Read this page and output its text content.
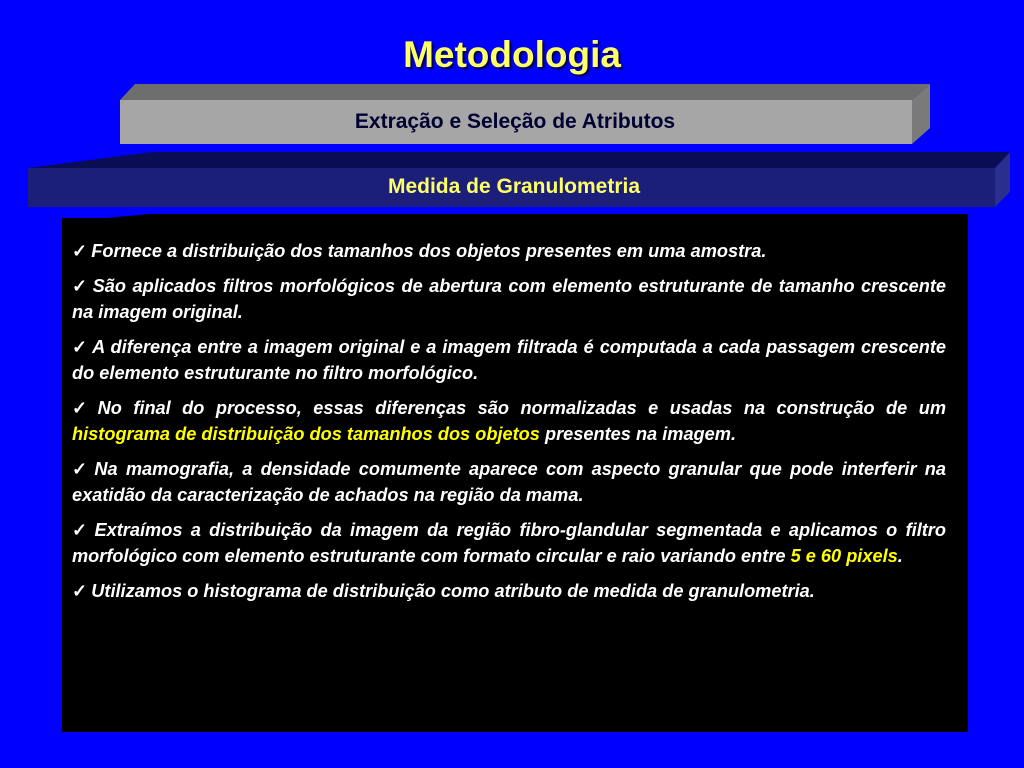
Metodologia
Extração e Seleção de Atributos
Medida de Granulometria
✓ Fornece a distribuição dos tamanhos dos objetos presentes em uma amostra.
✓ São aplicados filtros morfológicos de abertura com elemento estruturante de tamanho crescente na imagem original.
✓ A diferença entre a imagem original e a imagem filtrada é computada a cada passagem crescente do elemento estruturante no filtro morfológico.
✓ No final do processo, essas diferenças são normalizadas e usadas na construção de um histograma de distribuição dos tamanhos dos objetos presentes na imagem.
✓ Na mamografia, a densidade comumente aparece com aspecto granular que pode interferir na exatidão da caracterização de achados na região da mama.
✓ Extraímos a distribuição da imagem da região fibro-glandular segmentada e aplicamos o filtro morfológico com elemento estruturante com formato circular e raio variando entre 5 e 60 pixels.
✓ Utilizamos o histograma de distribuição como atributo de medida de granulometria.
